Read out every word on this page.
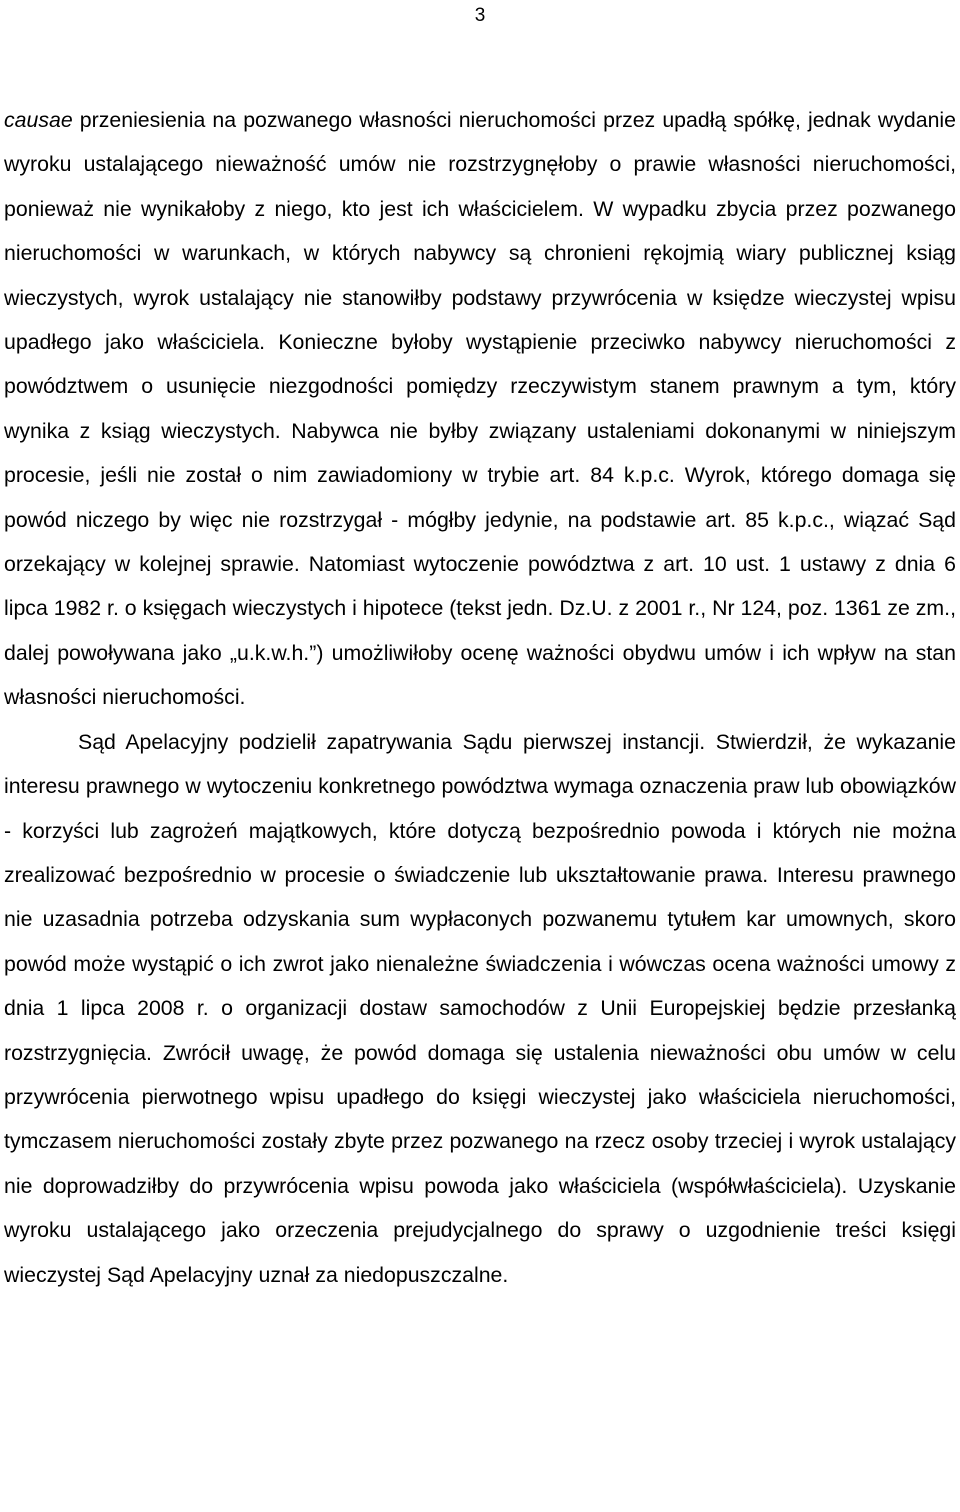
3

causae przeniesienia na pozwanego własności nieruchomości przez upadłą spółkę, jednak wydanie wyroku ustalającego nieważność umów nie rozstrzygnęłoby o prawie własności nieruchomości, ponieważ nie wynikałoby z niego, kto jest ich właścicielem. W wypadku zbycia przez pozwanego nieruchomości w warunkach, w których nabywcy są chronieni rękojmią wiary publicznej ksiąg wieczystych, wyrok ustalający nie stanowiłby podstawy przywrócenia w księdze wieczystej wpisu upadłego jako właściciela. Konieczne byłoby wystąpienie przeciwko nabywcy nieruchomości z powództwem o usunięcie niezgodności pomiędzy rzeczywistym stanem prawnym a tym, który wynika z ksiąg wieczystych. Nabywca nie byłby związany ustaleniami dokonanymi w niniejszym procesie, jeśli nie został o nim zawiadomiony w trybie art. 84 k.p.c. Wyrok, którego domaga się powód niczego by więc nie rozstrzygał - mógłby jedynie, na podstawie art. 85 k.p.c., wiązać Sąd orzekający w kolejnej sprawie. Natomiast wytoczenie powództwa z art. 10 ust. 1 ustawy z dnia 6 lipca 1982 r. o księgach wieczystych i hipotece (tekst jedn. Dz.U. z 2001 r., Nr 124, poz. 1361 ze zm., dalej powoływana jako „u.k.w.h.”) umożliwiłoby ocenę ważności obydwu umów i ich wpływ na stan własności nieruchomości.

Sąd Apelacyjny podzielił zapatrywania Sądu pierwszej instancji. Stwierdził, że wykazanie interesu prawnego w wytoczeniu konkretnego powództwa wymaga oznaczenia praw lub obowiązków - korzyści lub zagrożeń majątkowych, które dotyczą bezpośrednio powoda i których nie można zrealizować bezpośrednio w procesie o świadczenie lub ukształtowanie prawa. Interesu prawnego nie uzasadnia potrzeba odzyskania sum wypłaconych pozwanemu tytułem kar umownych, skoro powód może wystąpić o ich zwrot jako nienależne świadczenia i wówczas ocena ważności umowy z dnia 1 lipca 2008 r. o organizacji dostaw samochodów z Unii Europejskiej będzie przesłanką rozstrzygnięcia. Zwrócił uwagę, że powód domaga się ustalenia nieważności obu umów w celu przywrócenia pierwotnego wpisu upadłego do księgi wieczystej jako właściciela nieruchomości, tymczasem nieruchomości zostały zbyte przez pozwanego na rzecz osoby trzeciej i wyrok ustalający nie doprowadziłby do przywrócenia wpisu powoda jako właściciela (współwłaściciela). Uzyskanie wyroku ustalającego jako orzeczenia prejudycjalnego do sprawy o uzgodnienie treści księgi wieczystej Sąd Apelacyjny uznał za niedopuszczalne.
